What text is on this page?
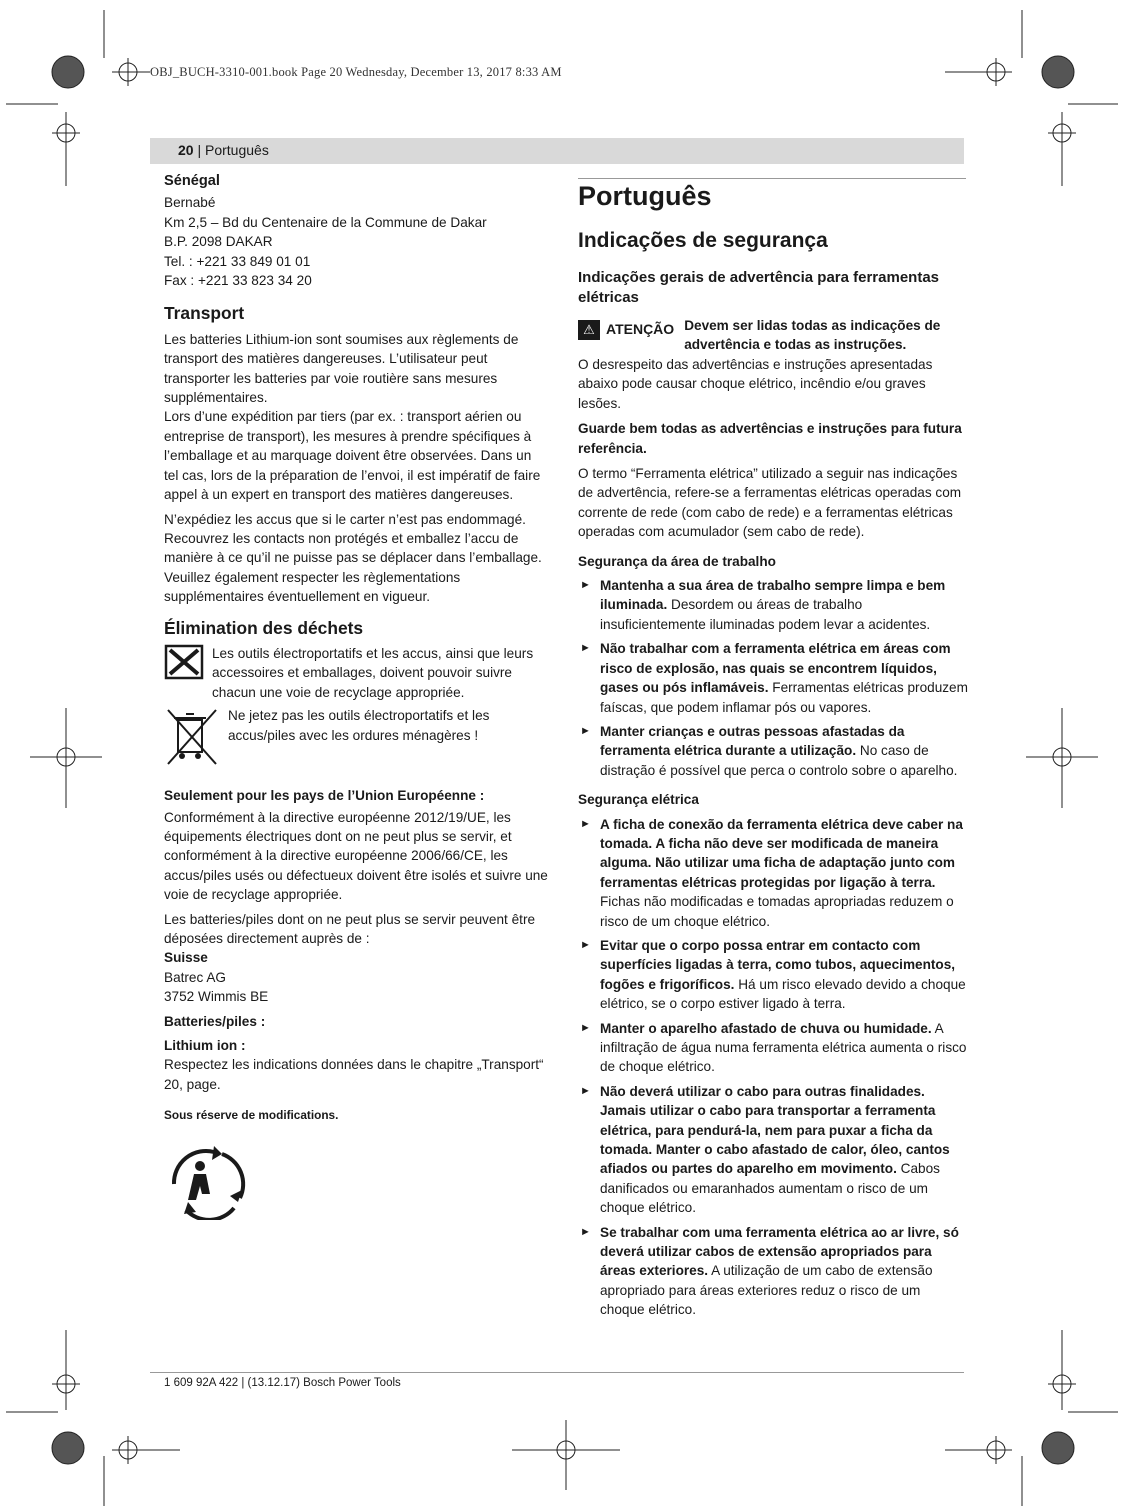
OBJ_BUCH-3310-001.book Page 20 Wednesday, December 13, 2017 8:33 AM
20 | Português
Sénégal
Bernabé
Km 2,5 – Bd du Centenaire de la Commune de Dakar
B.P. 2098 DAKAR
Tel. : +221 33 849 01 01
Fax : +221 33 823 34 20
Transport

Les batteries Lithium-ion sont soumises aux règlements de transport des matières dangereuses. L’utilisateur peut transporter les batteries par voie routière sans mesures supplémentaires.

Lors d’une expédition par tiers (par ex. : transport aérien ou entreprise de transport), les mesures à prendre spécifiques à l’emballage et au marquage doivent être observées. Dans un tel cas, lors de la préparation de l’envoi, il est impératif de faire appel à un expert en transport des matières dangereuses.

N’expédiez les accus que si le carter n’est pas endommagé. Recouvrez les contacts non protégés et emballez l’accu de manière à ce qu’il ne puisse pas se déplacer dans l’emballage. Veuillez également respecter les règlementations supplémentaires éventuellement en vigueur.

Élimination des déchets
Les outils électroportatifs et les accus, ainsi que leurs accessoires et emballages, doivent pouvoir suivre chacun une voie de recyclage appropriée.
Ne jetez pas les outils électroportatifs et les accus/piles avec les ordures ménagères !
Seulement pour les pays de l’Union Européenne :

Conformément à la directive européenne 2012/19/UE, les équipements électriques dont on ne peut plus se servir, et conformément à la directive européenne 2006/66/CE, les accus/piles usés ou défectueux doivent être isolés et suivre une voie de recyclage appropriée.

Les batteries/piles dont on ne peut plus se servir peuvent être déposées directement auprès de :

Suisse
Batrec AG
3752 Wimmis BE
Batteries/piles :
Lithium ion :
Respectez les indications données dans le chapitre „Transport“ 20, page.
Sous réserve de modifications.
Português
Indicações de segurança
Indicações gerais de advertência para ferramentas elétricas
⚠ ATENÇÃO Devem ser lidas todas as indicações de advertência e todas as instruções.

O desrespeito das advertências e instruções apresentadas abaixo pode causar choque elétrico, incêndio e/ou graves lesões.

Guarde bem todas as advertências e instruções para futura referência.

O termo “Ferramenta elétrica” utilizado a seguir nas indicações de advertência, refere-se a ferramentas elétricas operadas com corrente de rede (com cabo de rede) e a ferramentas elétricas operadas com acumulador (sem cabo de rede).

Segurança da área de trabalho
► Mantenha a sua área de trabalho sempre limpa e bem iluminada. Desordem ou áreas de trabalho insuficientemente iluminadas podem levar a acidentes.
► Não trabalhar com a ferramenta elétrica em áreas com risco de explosão, nas quais se encontrem líquidos, gases ou pós inflamáveis. Ferramentas elétricas produzem faíscas, que podem inflamar pós ou vapores.
► Manter crianças e outras pessoas afastadas da ferramenta elétrica durante a utilização. No caso de distração é possível que perca o controlo sobre o aparelho.
Segurança elétrica
► A ficha de conexão da ferramenta elétrica deve caber na tomada. A ficha não deve ser modificada de maneira alguma. Não utilizar uma ficha de adaptação junto com ferramentas elétricas protegidas por ligação à terra. Fichas não modificadas e tomadas apropriadas reduzem o risco de um choque elétrico.
► Evitar que o corpo possa entrar em contacto com superfícies ligadas à terra, como tubos, aquecimentos, fogões e frigoríficos. Há um risco elevado devido a choque elétrico, se o corpo estiver ligado à terra.
► Manter o aparelho afastado de chuva ou humidade. A infiltração de água numa ferramenta elétrica aumenta o risco de choque elétrico.
► Não deverá utilizar o cabo para outras finalidades. Jamais utilizar o cabo para transportar a ferramenta elétrica, para pendurá-la, nem para puxar a ficha da tomada. Manter o cabo afastado de calor, óleo, cantos afiados ou partes do aparelho em movimento. Cabos danificados ou emaranhados aumentam o risco de um choque elétrico.
► Se trabalhar com uma ferramenta elétrica ao ar livre, só deverá utilizar cabos de extensão apropriados para áreas exteriores. A utilização de um cabo de extensão apropriado para áreas exteriores reduz o risco de um choque elétrico.
1 609 92A 422 | (13.12.17) Bosch Power Tools
